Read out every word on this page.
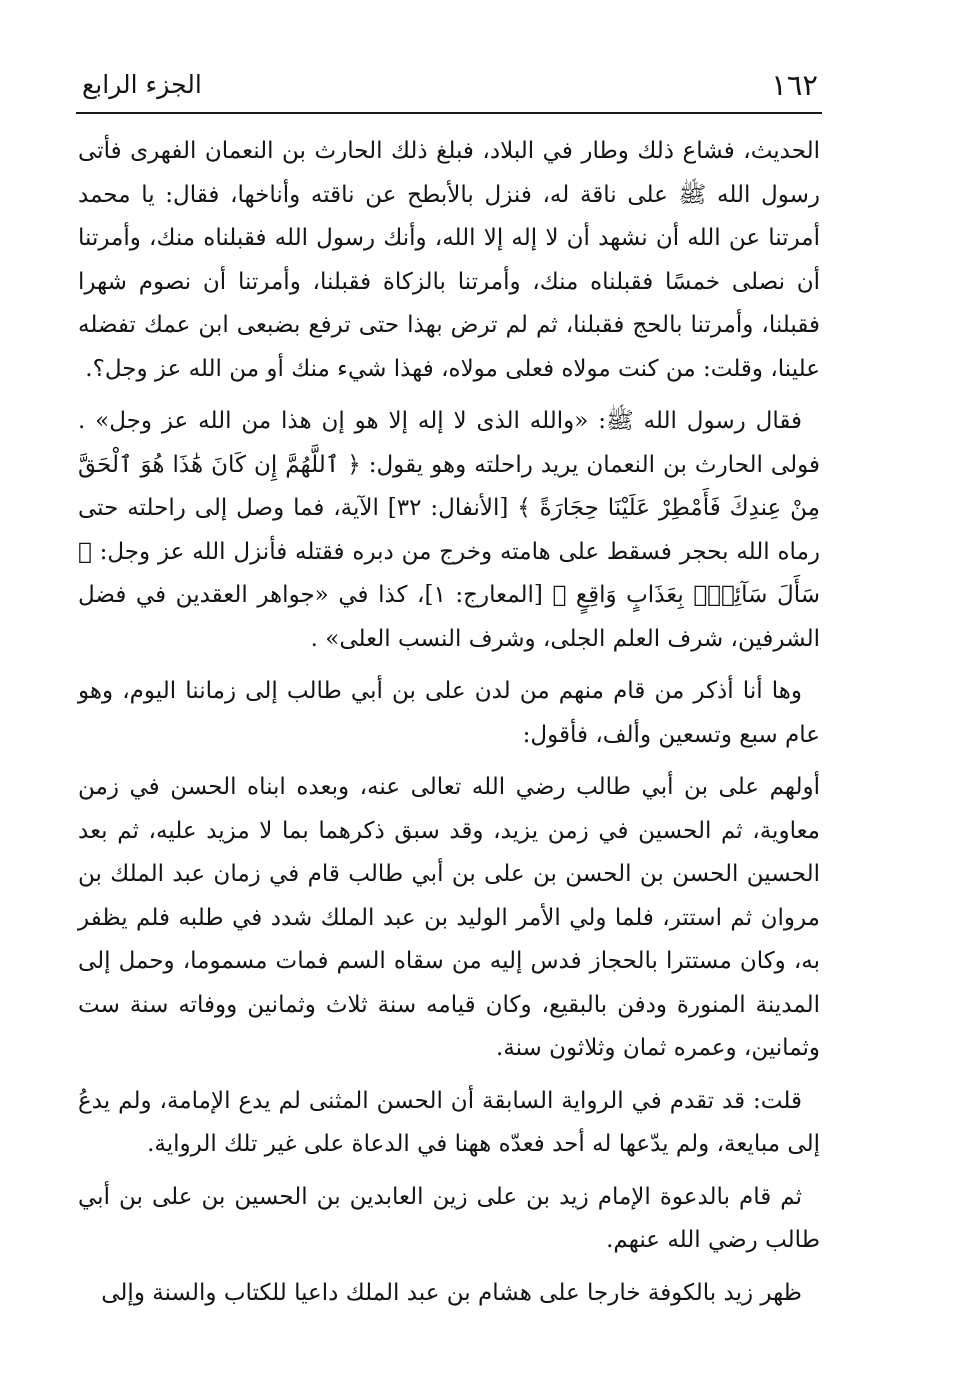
١٦٢
الجزء الرابع

الحديث، فشاع ذلك وطار في البلاد، فبلغ ذلك الحارث بن النعمان الفهرى فأتى رسول الله ﷺ على ناقة له، فنزل بالأبطح عن ناقته وأناخها، فقال: يا محمد أمرتنا عن الله أن نشهد أن لا إله إلا الله، وأنك رسول الله فقبلناه منك، وأمرتنا أن نصلى خمسًا فقبلناه منك، وأمرتنا بالزكاة فقبلنا، وأمرتنا أن نصوم شهرا فقبلنا، وأمرتنا بالحج فقبلنا، ثم لم ترض بهذا حتى ترفع بضبعى ابن عمك تفضله علينا، وقلت: من كنت مولاه فعلى مولاه، فهذا شيء منك أو من الله عز وجل؟.

فقال رسول الله ﷺ: «والله الذى لا إله إلا هو إن هذا من الله عز وجل» . فولى الحارث بن النعمان يريد راحلته وهو يقول: ﴿ ٱللَّهُمَّ إِن كَانَ هَٰذَا هُوَ ٱلْحَقَّ مِنْ عِندِكَ فَأَمْطِرْ عَلَيْنَا حِجَارَةً ﴾ [الأنفال: ٣٢] الآية، فما وصل إلى راحلته حتى رماه الله بحجر فسقط على هامته وخرج من دبره فقتله فأنزل الله عز وجل: ﴿ سَأَلَ سَآئِلُۢ بِعَذَابٍ وَاقِعٍ ﴾ [المعارج: ١]، كذا في «جواهر العقدين في فضل الشرفين، شرف العلم الجلى، وشرف النسب العلى» .

وها أنا أذكر من قام منهم من لدن على بن أبي طالب إلى زماننا اليوم، وهو عام سبع وتسعين وألف، فأقول:

أولهم على بن أبي طالب رضي الله تعالى عنه، وبعده ابناه الحسن في زمن معاوية، ثم الحسين في زمن يزيد، وقد سبق ذكرهما بما لا مزيد عليه، ثم بعد الحسين الحسن بن الحسن بن على بن أبي طالب قام في زمان عبد الملك بن مروان ثم استتر، فلما ولي الأمر الوليد بن عبد الملك شدد في طلبه فلم يظفر به، وكان مستترا بالحجاز فدس إليه من سقاه السم فمات مسموما، وحمل إلى المدينة المنورة ودفن بالبقيع، وكان قيامه سنة ثلاث وثمانين ووفاته سنة ست وثمانين، وعمره ثمان وثلاثون سنة.

قلت: قد تقدم في الرواية السابقة أن الحسن المثنى لم يدع الإمامة، ولم يدعُ إلى مبايعة، ولم يدّعها له أحد فعدّه ههنا في الدعاة على غير تلك الرواية.

ثم قام بالدعوة الإمام زيد بن على زين العابدين بن الحسين بن على بن أبي طالب رضي الله عنهم.

ظهر زيد بالكوفة خارجا على هشام بن عبد الملك داعيا للكتاب والسنة وإلى
